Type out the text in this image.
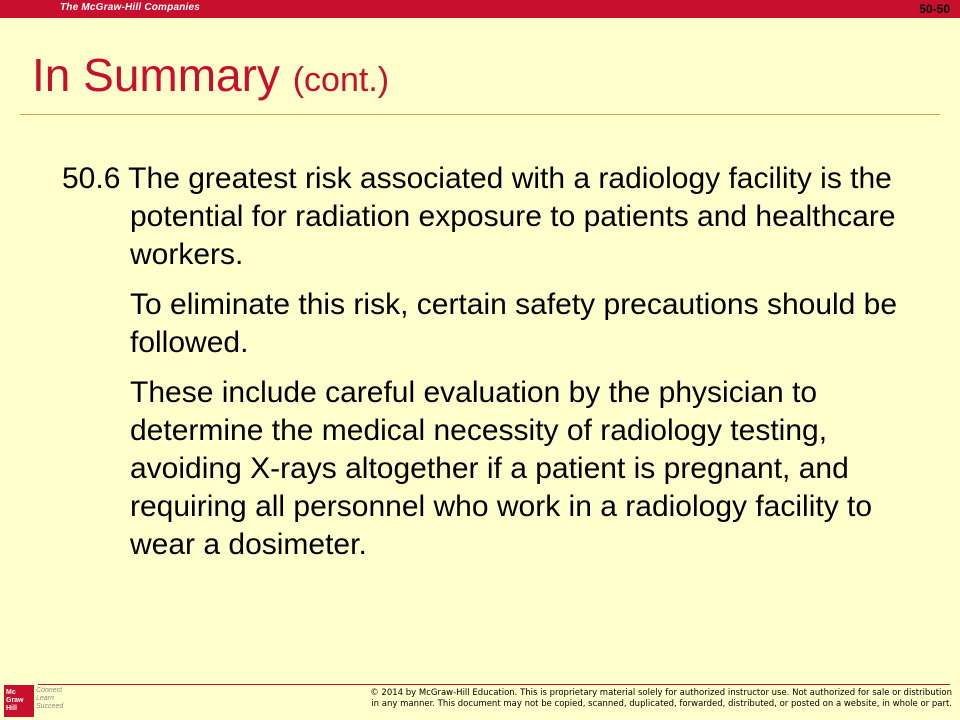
The McGraw-Hill Companies	50-50
In Summary (cont.)

50.6 The greatest risk associated with a radiology facility is the potential for radiation exposure to patients and healthcare workers.

To eliminate this risk, certain safety precautions should be followed.

These include careful evaluation by the physician to determine the medical necessity of radiology testing, avoiding X-rays altogether if a patient is pregnant, and requiring all personnel who work in a radiology facility to wear a dosimeter.

Mc Graw Hill
Connect Learn Succeed
© 2014 by McGraw-Hill Education. This is proprietary material solely for authorized instructor use. Not authorized for sale or distribution
in any manner. This document may not be copied, scanned, duplicated, forwarded, distributed, or posted on a website, in whole or part.
